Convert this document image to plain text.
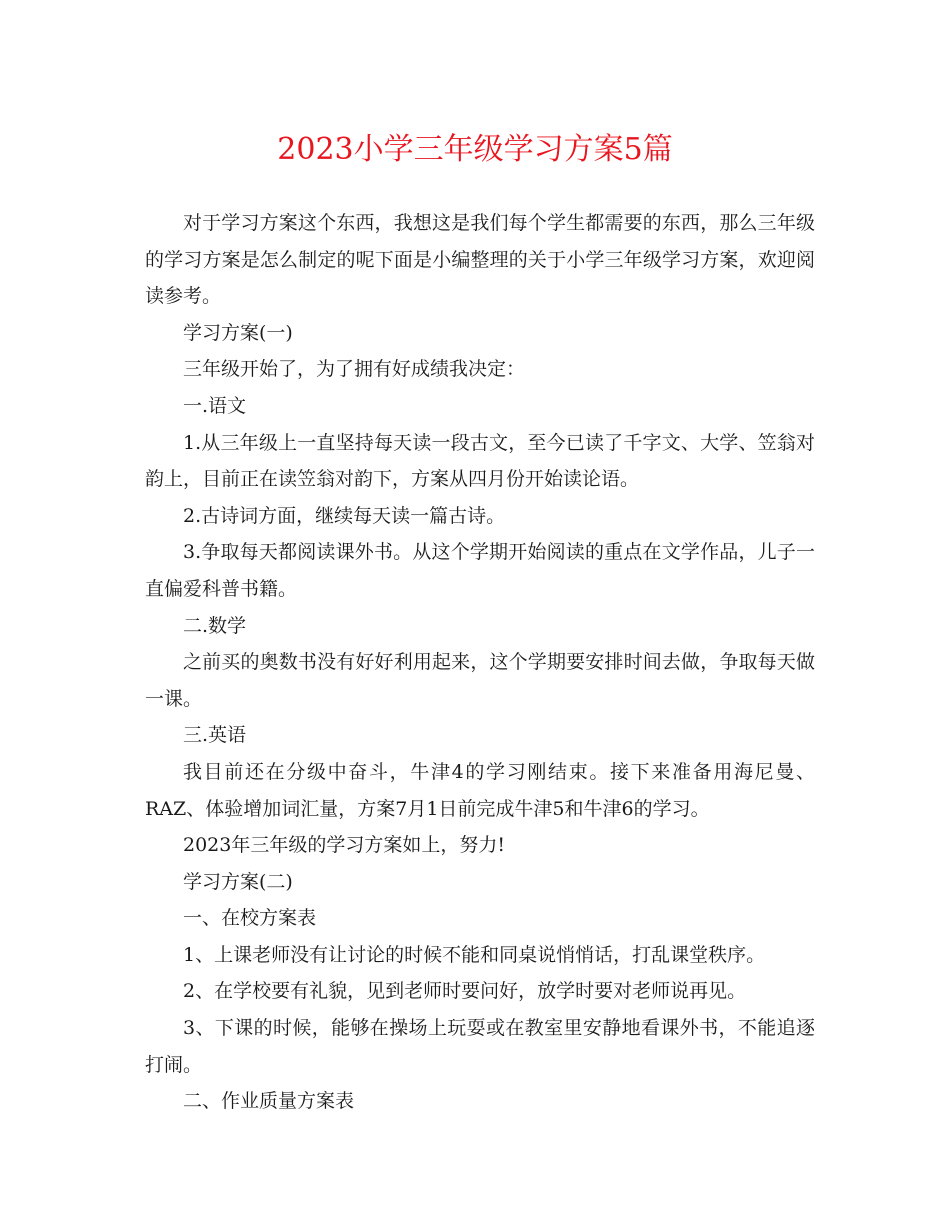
2023小学三年级学习方案5篇

对于学习方案这个东西，我想这是我们每个学生都需要的东西，那么三年级的学习方案是怎么制定的呢下面是小编整理的关于小学三年级学习方案，欢迎阅读参考。

学习方案(一)

三年级开始了，为了拥有好成绩我决定：

一.语文

1.从三年级上一直坚持每天读一段古文，至今已读了千字文、大学、笠翁对韵上，目前正在读笠翁对韵下，方案从四月份开始读论语。

2.古诗词方面，继续每天读一篇古诗。

3.争取每天都阅读课外书。从这个学期开始阅读的重点在文学作品，儿子一直偏爱科普书籍。

二.数学

之前买的奥数书没有好好利用起来，这个学期要安排时间去做，争取每天做一课。

三.英语

我目前还在分级中奋斗，牛津4的学习刚结束。接下来准备用海尼曼、RAZ、体验增加词汇量，方案7月1日前完成牛津5和牛津6的学习。

2023年三年级的学习方案如上，努力!

学习方案(二)

一、在校方案表

1、上课老师没有让讨论的时候不能和同桌说悄悄话，打乱课堂秩序。

2、在学校要有礼貌，见到老师时要问好，放学时要对老师说再见。

3、下课的时候，能够在操场上玩耍或在教室里安静地看课外书，不能追逐打闹。

二、作业质量方案表
